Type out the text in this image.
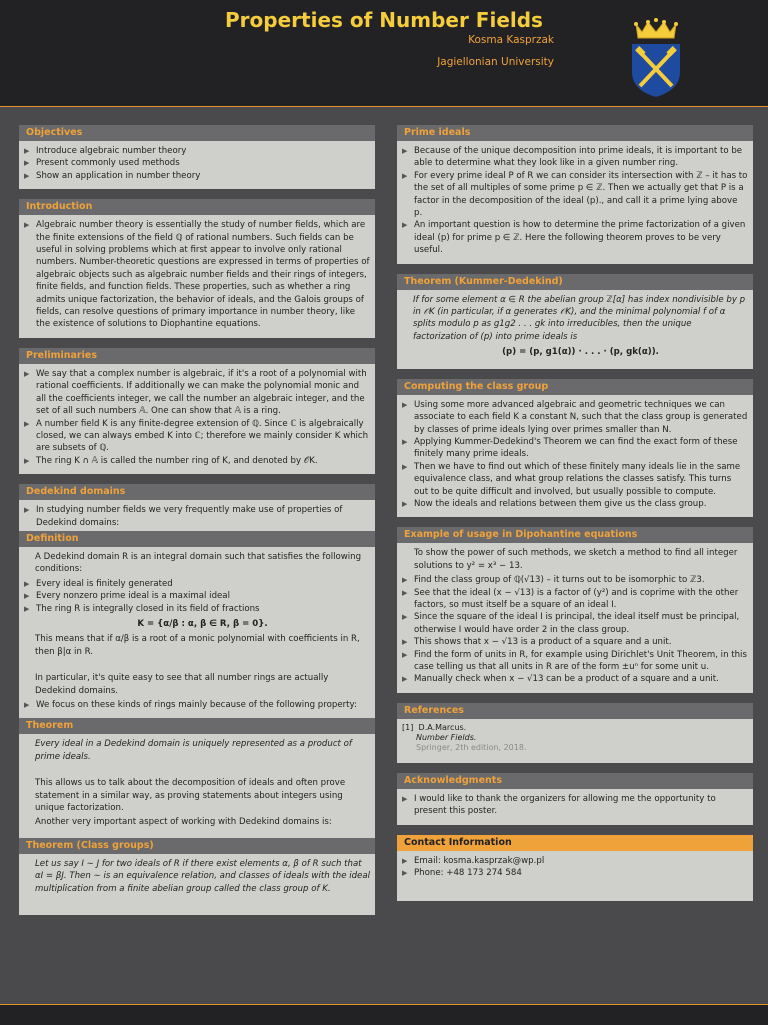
Properties of Number Fields
Kosma Kasprzak
Jagiellonian University
Objectives
▶ Introduce algebraic number theory
▶ Present commonly used methods
▶ Show an application in number theory
Introduction
▶ Algebraic number theory is essentially the study of number fields, which are the finite extensions of the field ℚ of rational numbers. Such fields can be useful in solving problems which at first appear to involve only rational numbers. Number-theoretic questions are expressed in terms of properties of algebraic objects such as algebraic number fields and their rings of integers, finite fields, and function fields. These properties, such as whether a ring admits unique factorization, the behavior of ideals, and the Galois groups of fields, can resolve questions of primary importance in number theory, like the existence of solutions to Diophantine equations.
Preliminaries
▶ We say that a complex number is algebraic, if it's a root of a polynomial with rational coefficients. If additionally we can make the polynomial monic and all the coefficients integer, we call the number an algebraic integer, and the set of all such numbers 𝔸. One can show that 𝔸 is a ring.
▶ A number field K is any finite-degree extension of ℚ. Since ℂ is algebraically closed, we can always embed K into ℂ; therefore we mainly consider K which are subsets of ℚ.
▶ The ring K ∩ 𝔸 is called the number ring of K, and denoted by 𝒪K.
Dedekind domains
▶ In studying number fields we very frequently make use of properties of Dedekind domains:
Definition

A Dedekind domain R is an integral domain such that satisfies the following conditions:

▶ Every ideal is finitely generated
▶ Every nonzero prime ideal is a maximal ideal
▶ The ring R is integrally closed in its field of fractions
K = {α/β : α, β ∈ R, β = 0}.

This means that if α/β is a root of a monic polynomial with coefficients in R, then β|α in R.

In particular, it's quite easy to see that all number rings are actually Dedekind domains.

▶ We focus on these kinds of rings mainly because of the following property:
Theorem

Every ideal in a Dedekind domain is uniquely represented as a product of prime ideals.

This allows us to talk about the decomposition of ideals and often prove statement in a similar way, as proving statements about integers using unique factorization.

Another very important aspect of working with Dedekind domains is:

Theorem (Class groups)

Let us say I ∼ J for two ideals of R if there exist elements α, β of R such that αI = βJ. Then ∼ is an equivalence relation, and classes of ideals with the ideal multiplication from a finite abelian group called the class group of K.

Prime ideals
▶ Because of the unique decomposition into prime ideals, it is important to be able to determine what they look like in a given number ring.
▶ For every prime ideal P of R we can consider its intersection with ℤ – it has to the set of all multiples of some prime p ∈ ℤ. Then we actually get that P is a factor in the decomposition of the ideal (p)., and call it a prime lying above p.
▶ An important question is how to determine the prime factorization of a given ideal (p) for prime p ∈ ℤ. Here the following theorem proves to be very useful.
Theorem (Kummer-Dedekind)

If for some element α ∈ R the abelian group ℤ[α] has index nondivisible by p in 𝒪K (in particular, if α generates 𝒪K), and the minimal polynomial f of α splits modulo p as g1g2 . . . gk into irreducibles, then the unique factorization of (p) into prime ideals is

(p) = (p, g1(α)) · . . . · (p, gk(α)).
Computing the class group
▶ Using some more advanced algebraic and geometric techniques we can associate to each field K a constant N, such that the class group is generated by classes of prime ideals lying over primes smaller than N.
▶ Applying Kummer-Dedekind's Theorem we can find the exact form of these finitely many prime ideals.
▶ Then we have to find out which of these finitely many ideals lie in the same equivalence class, and what group relations the classes satisfy. This turns out to be quite difficult and involved, but usually possible to compute.
▶ Now the ideals and relations between them give us the class group.
Example of usage in Dipohantine equations

To show the power of such methods, we sketch a method to find all integer solutions to y² = x³ − 13.

▶ Find the class group of ℚ(√13) – it turns out to be isomorphic to ℤ3.
▶ See that the ideal (x − √13) is a factor of (y²) and is coprime with the other factors, so must itself be a square of an ideal I.
▶ Since the square of the ideal I is principal, the ideal itself must be principal, otherwise I would have order 2 in the class group.
▶ This shows that x − √13 is a product of a square and a unit.
▶ Find the form of units in R, for example using Dirichlet's Unit Theorem, in this case telling us that all units in R are of the form ±uⁿ for some unit u.
▶ Manually check when x − √13 can be a product of a square and a unit.
References
[1] D.A.Marcus.
Number Fields.
Springer, 2th edition, 2018.
Acknowledgments
▶ I would like to thank the organizers for allowing me the opportunity to present this poster.
Contact Information
▶ Email: kosma.kasprzak@wp.pl
▶ Phone: +48 173 274 584
